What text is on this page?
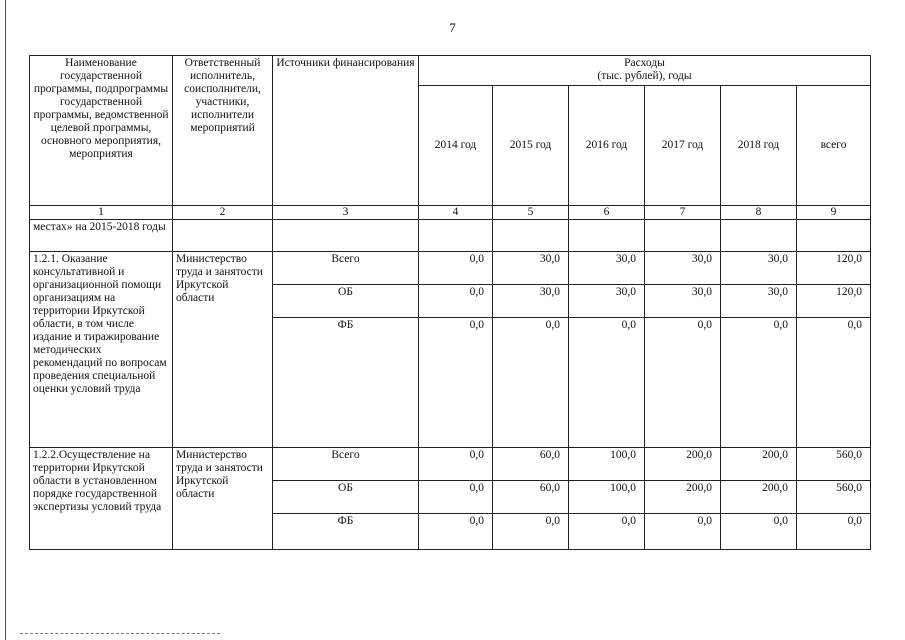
7
Наименование государственной программы, подпрограммы государственной программы, ведомственной целевой программы, основного мероприятия, мероприятия	Ответственный исполнитель, соисполнители, участники, исполнители мероприятий	Источники финансирования	Расходы
(тыс. рублей), годы					

			2014 год	2015 год	2016 год	2017 год	2018 год	всего
1	2	3	4	5	6	7	8	9
местах» на 2015-2018 годы								
1.2.1. Оказание консультативной и организационной помощи организациям на территории Иркутской области, в том числе издание и тиражирование методических рекомендаций по вопросам проведения специальной оценки условий труда	Министерство труда и занятости Иркутской области	Всего	0,0	30,0	30,0	30,0	30,0	120,0
		ОБ	0,0	30,0	30,0	30,0	30,0	120,0
		ФБ	0,0	0,0	0,0	0,0	0,0	0,0
1.2.2.Осуществление на территории Иркутской области в установленном порядке государственной экспертизы условий труда	Министерство труда и занятости Иркутской области	Всего	0,0	60,0	100,0	200,0	200,0	560,0
		ОБ	0,0	60,0	100,0	200,0	200,0	560,0
		ФБ	0,0	0,0	0,0	0,0	0,0	0,0
